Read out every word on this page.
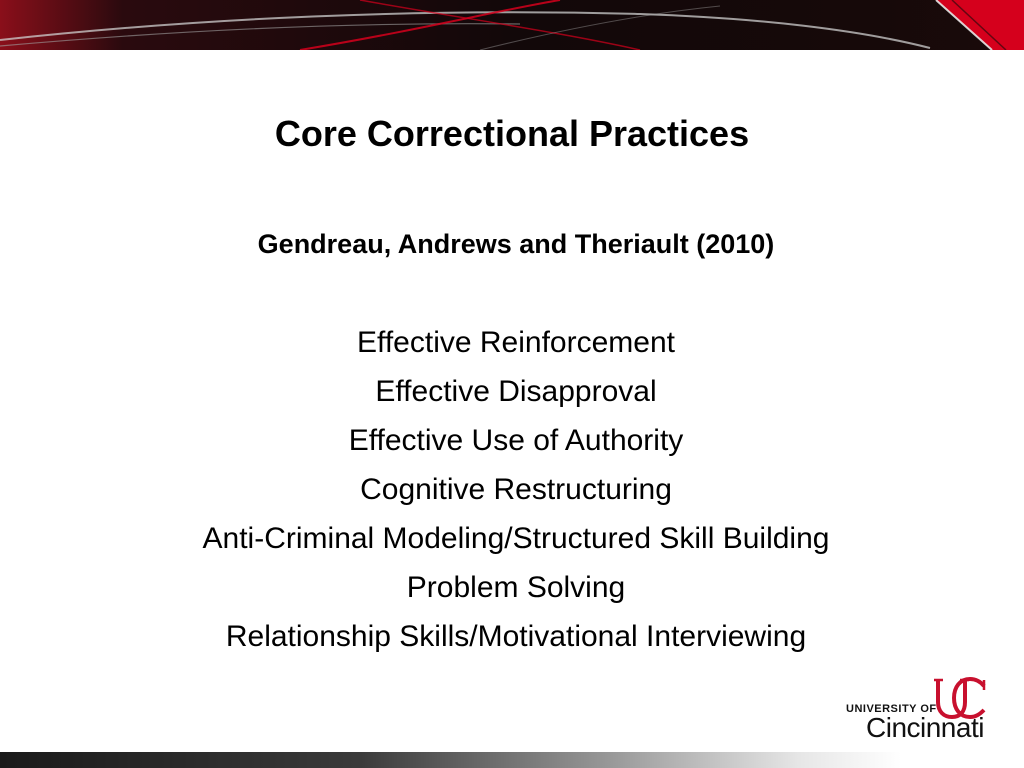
Core Correctional Practices
Gendreau, Andrews and Theriault (2010)
Effective Reinforcement
Effective Disapproval
Effective Use of Authority
Cognitive Restructuring
Anti-Criminal Modeling/Structured Skill Building
Problem Solving
Relationship Skills/Motivational Interviewing
UNIVERSITY OF
Cincinnati
